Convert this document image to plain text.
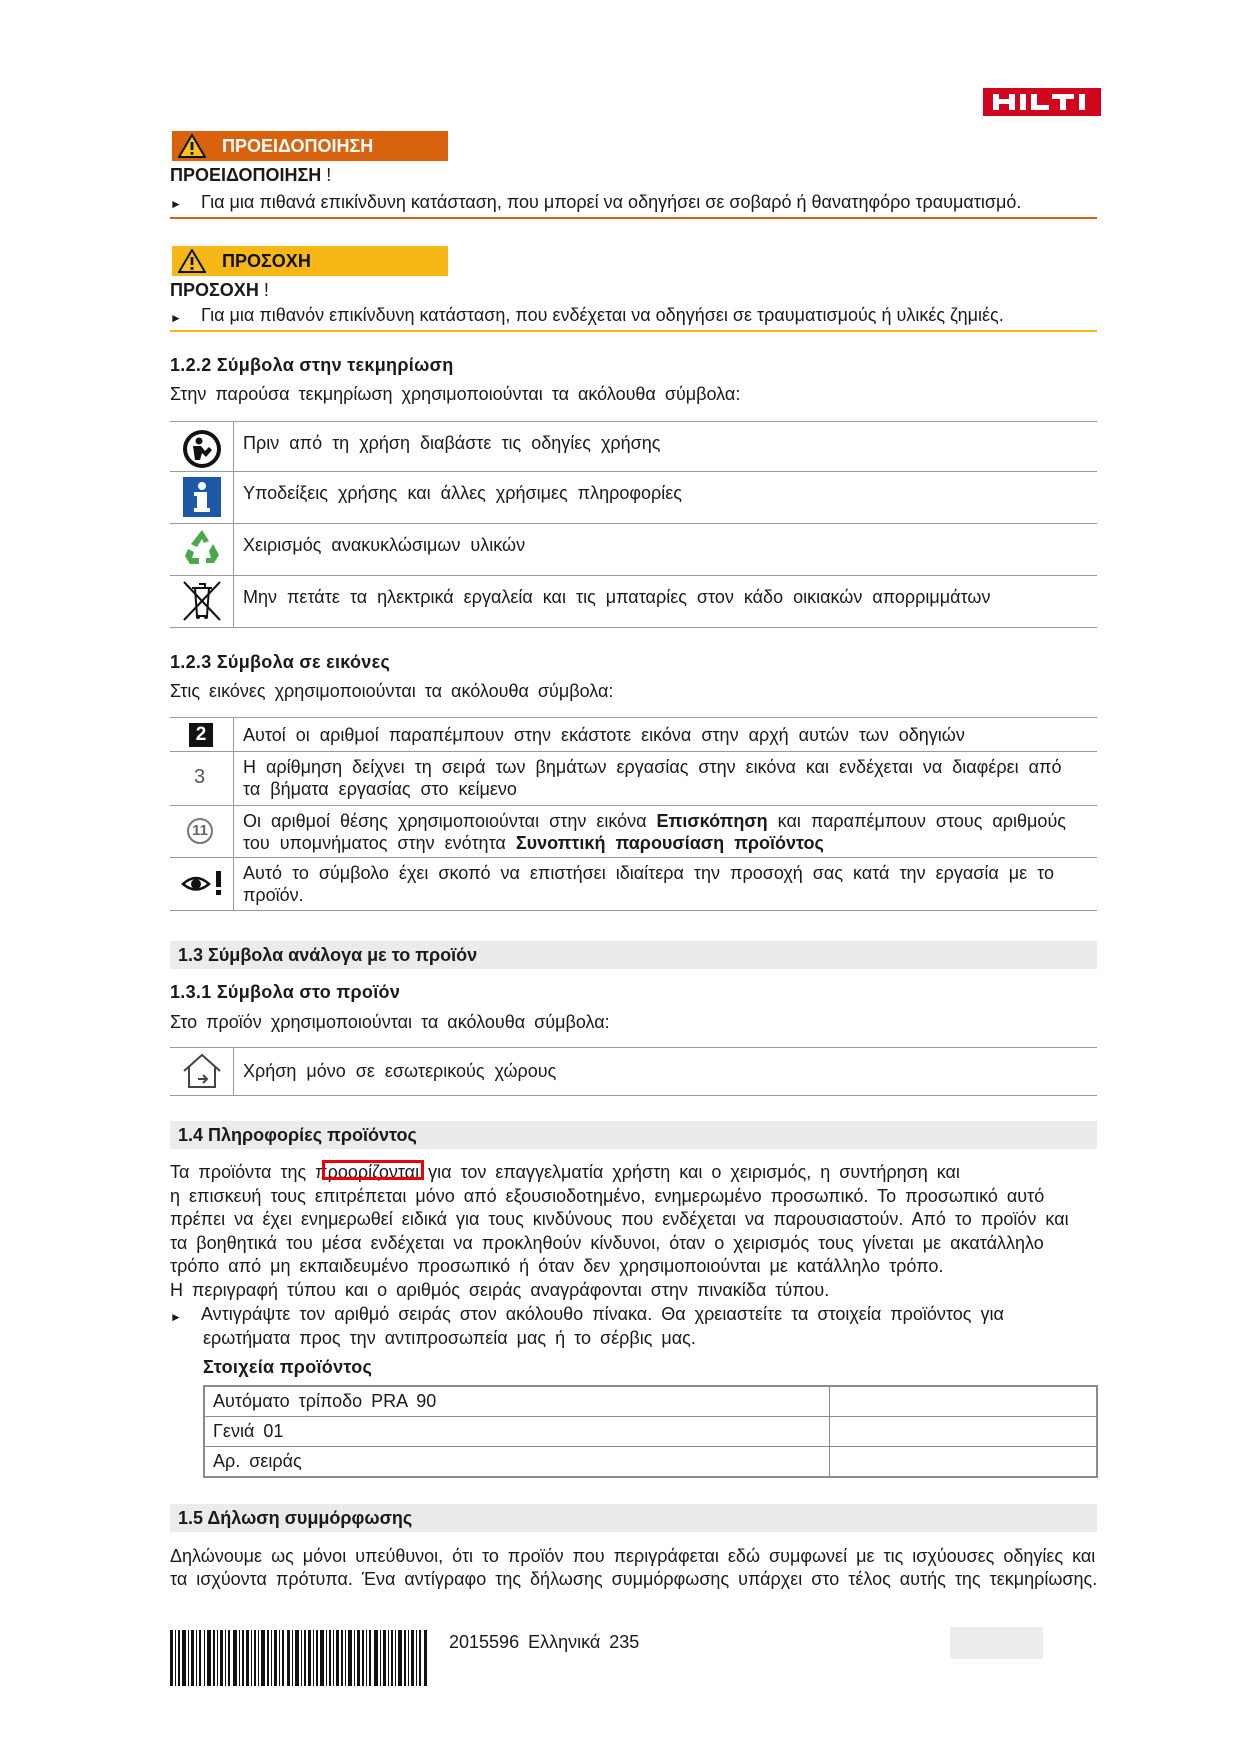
ΠΡΟΕΙΔΟΠΟΙΗΣΗ
ΠΡΟΕΙΔΟΠΟΙΗΣΗ !
► Για μια πιθανά επικίνδυνη κατάσταση, που μπορεί να οδηγήσει σε σοβαρό ή θανατηφόρο τραυματισμό.
ΠΡΟΣΟΧΗ
ΠΡΟΣΟΧΗ !
► Για μια πιθανόν επικίνδυνη κατάσταση, που ενδέχεται να οδηγήσει σε τραυματισμούς ή υλικές ζημιές.
1.2.2 Σύμβολα στην τεκμηρίωση
Στην παρούσα τεκμηρίωση χρησιμοποιούνται τα ακόλουθα σύμβολα:
Πριν από τη χρήση διαβάστε τις οδηγίες χρήσης
Υποδείξεις χρήσης και άλλες χρήσιμες πληροφορίες
Χειρισμός ανακυκλώσιμων υλικών
Μην πετάτε τα ηλεκτρικά εργαλεία και τις μπαταρίες στον κάδο οικιακών απορριμμάτων
1.2.3 Σύμβολα σε εικόνες
Στις εικόνες χρησιμοποιούνται τα ακόλουθα σύμβολα:
2
3
11
Αυτοί οι αριθμοί παραπέμπουν στην εκάστοτε εικόνα στην αρχή αυτών των οδηγιών
Η αρίθμηση δείχνει τη σειρά των βημάτων εργασίας στην εικόνα και ενδέχεται να διαφέρει από
τα βήματα εργασίας στο κείμενο
Οι αριθμοί θέσης χρησιμοποιούνται στην εικόνα Επισκόπηση και παραπέμπουν στους αριθμούς
του υπομνήματος στην ενότητα Συνοπτική παρουσίαση προϊόντος
Αυτό το σύμβολο έχει σκοπό να επιστήσει ιδιαίτερα την προσοχή σας κατά την εργασία με το
προϊόν.
1.3 Σύμβολα ανάλογα με το προϊόν
1.3.1 Σύμβολα στο προϊόν
Στο προϊόν χρησιμοποιούνται τα ακόλουθα σύμβολα:
Χρήση μόνο σε εσωτερικούς χώρους
1.4 Πληροφορίες προϊόντος
Τα προϊόντα της προορίζονται για τον επαγγελματία χρήστη και ο χειρισμός, η συντήρηση και
η επισκευή τους επιτρέπεται μόνο από εξουσιοδοτημένο, ενημερωμένο προσωπικό. Το προσωπικό αυτό
πρέπει να έχει ενημερωθεί ειδικά για τους κινδύνους που ενδέχεται να παρουσιαστούν. Από το προϊόν και
τα βοηθητικά του μέσα ενδέχεται να προκληθούν κίνδυνοι, όταν ο χειρισμός τους γίνεται με ακατάλληλο
τρόπο από μη εκπαιδευμένο προσωπικό ή όταν δεν χρησιμοποιούνται με κατάλληλο τρόπο.
Η περιγραφή τύπου και ο αριθμός σειράς αναγράφονται στην πινακίδα τύπου.
► Αντιγράψτε τον αριθμό σειράς στον ακόλουθο πίνακα. Θα χρειαστείτε τα στοιχεία προϊόντος για
ερωτήματα προς την αντιπροσωπεία μας ή το σέρβις μας.
Στοιχεία προϊόντος
Αυτόματο τρίποδο PRA 90
Γενιά 01
Αρ. σειράς
1.5 Δήλωση συμμόρφωσης
Δηλώνουμε ως μόνοι υπεύθυνοι, ότι το προϊόν που περιγράφεται εδώ συμφωνεί με τις ισχύουσες οδηγίες και
τα ισχύοντα πρότυπα. Ένα αντίγραφο της δήλωσης συμμόρφωσης υπάρχει στο τέλος αυτής της τεκμηρίωσης.
2015596 Ελληνικά 235
